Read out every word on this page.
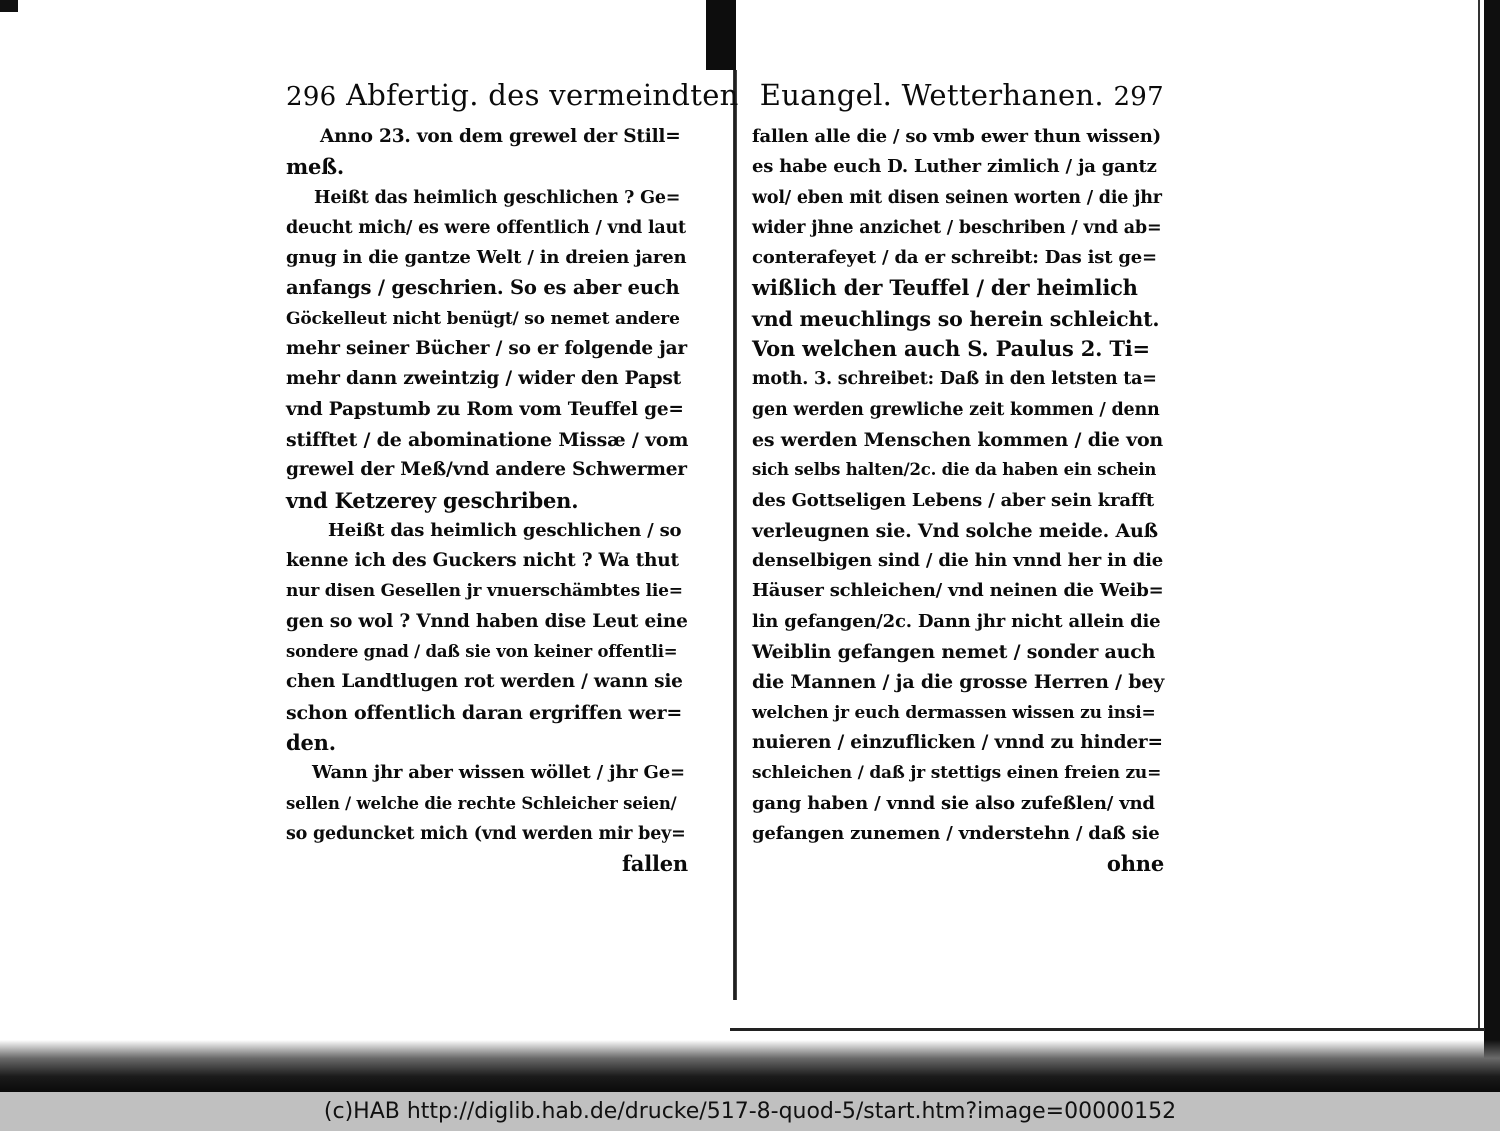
296 Abfertig. des vermeindten
Anno 23. von dem grewel der Still=
meß.
Heißt das heimlich geschlichen ? Ge=
deucht mich/ es were offentlich / vnd laut
gnug in die gantze Welt / in dreien jaren
anfangs / geschrien. So es aber euch
Göckelleut nicht benügt/ so nemet andere
mehr seiner Bücher / so er folgende jar
mehr dann zweintzig / wider den Papst
vnd Papstumb zu Rom vom Teuffel ge=
stifftet / de abominatione Missæ / vom
grewel der Meß/vnd andere Schwermer
vnd Ketzerey geschriben.
Heißt das heimlich geschlichen / so
kenne ich des Guckers nicht ? Wa thut
nur disen Gesellen jr vnuerschämbtes lie=
gen so wol ? Vnnd haben dise Leut eine
sondere gnad / daß sie von keiner offentli=
chen Landtlugen rot werden / wann sie
schon offentlich daran ergriffen wer=
den.
Wann jhr aber wissen wöllet / jhr Ge=
sellen / welche die rechte Schleicher seien/
so geduncket mich (vnd werden mir bey=
fallen
Euangel. Wetterhanen. 297
fallen alle die / so vmb ewer thun wissen)
es habe euch D. Luther zimlich / ja gantz
wol/ eben mit disen seinen worten / die jhr
wider jhne anzichet / beschriben / vnd ab=
conterafeyet / da er schreibt: Das ist ge=
wißlich der Teuffel / der heimlich
vnd meuchlings so herein schleicht.
Von welchen auch S. Paulus 2. Ti=
moth. 3. schreibet: Daß in den letsten ta=
gen werden grewliche zeit kommen / denn
es werden Menschen kommen / die von
sich selbs halten/2c. die da haben ein schein
des Gottseligen Lebens / aber sein krafft
verleugnen sie. Vnd solche meide. Auß
denselbigen sind / die hin vnnd her in die
Häuser schleichen/ vnd neinen die Weib=
lin gefangen/2c. Dann jhr nicht allein die
Weiblin gefangen nemet / sonder auch
die Mannen / ja die grosse Herren / bey
welchen jr euch dermassen wissen zu insi=
nuieren / einzuflicken / vnnd zu hinder=
schleichen / daß jr stettigs einen freien zu=
gang haben / vnnd sie also zufeßlen/ vnd
gefangen zunemen / vnderstehn / daß sie
ohne
(c)HAB http://diglib.hab.de/drucke/517-8-quod-5/start.htm?image=00000152
